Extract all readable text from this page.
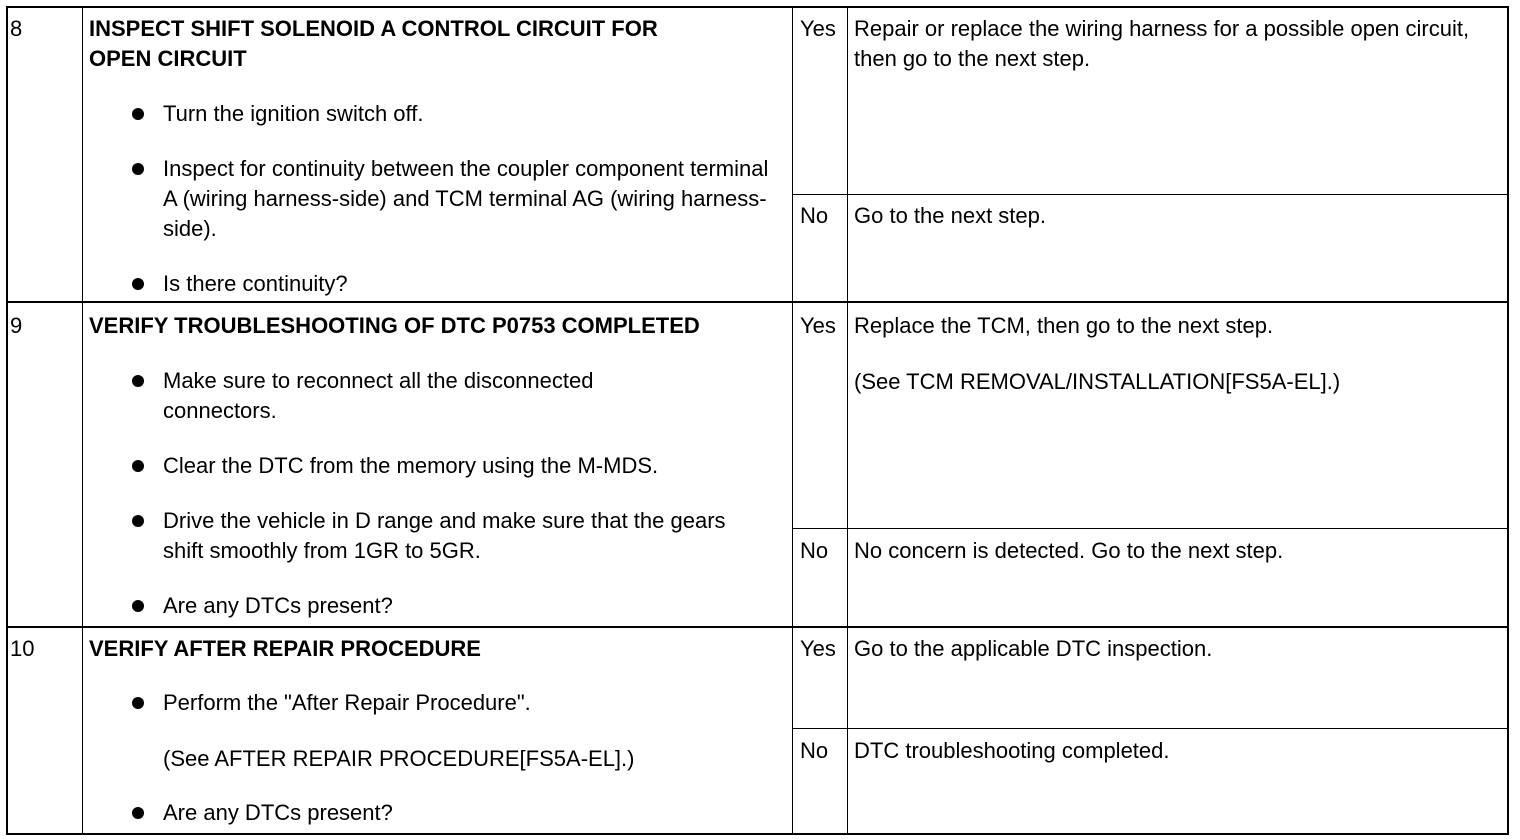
8	INSPECT SHIFT SOLENOID A CONTROL CIRCUIT FOR
OPEN CIRCUIT
Turn the ignition switch off.
Inspect for continuity between the coupler component terminal A (wiring harness-side) and TCM terminal AG (wiring harness-side).
Is there continuity?
Yes Repair or replace the wiring harness for a possible open circuit, then go to the next step.
No Go to the next step.
9	VERIFY TROUBLESHOOTING OF DTC P0753 COMPLETED
Make sure to reconnect all the disconnected connectors.
Clear the DTC from the memory using the M-MDS.
Drive the vehicle in D range and make sure that the gears shift smoothly from 1GR to 5GR.
Are any DTCs present?
Yes Replace the TCM, then go to the next step.
(See TCM REMOVAL/INSTALLATION[FS5A-EL].)
No No concern is detected. Go to the next step.
10 VERIFY AFTER REPAIR PROCEDURE
Perform the "After Repair Procedure".
(See AFTER REPAIR PROCEDURE[FS5A-EL].)
Are any DTCs present?
Yes Go to the applicable DTC inspection.
No DTC troubleshooting completed.
